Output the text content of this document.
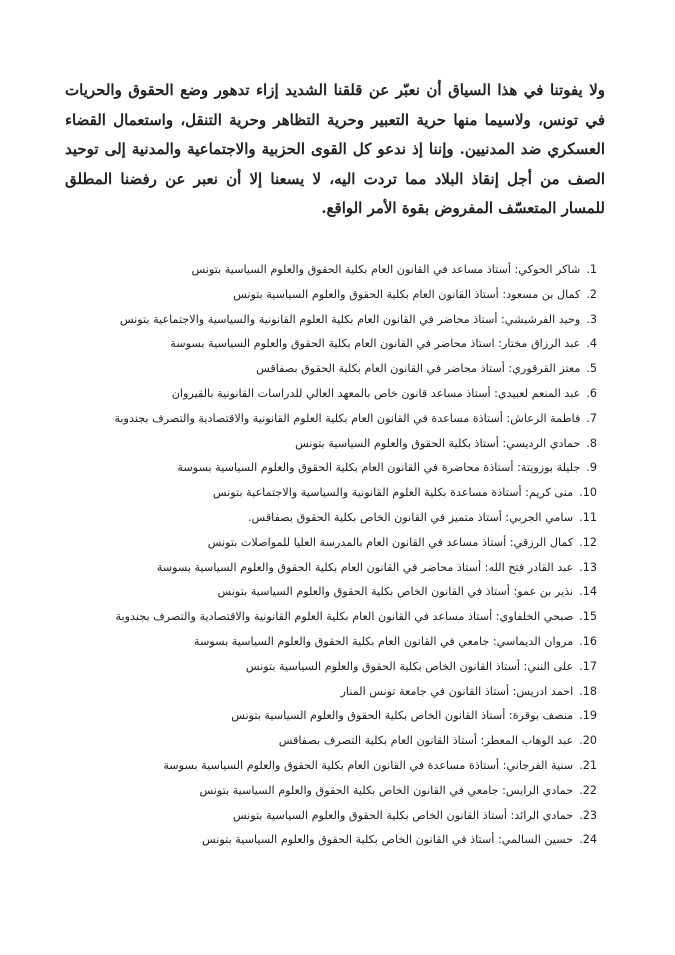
ولا يفوتنا في هذا السياق أن نعبّر عن قلقنا الشديد إزاء تدهور وضع الحقوق والحريات في تونس، ولاسيما منها حرية التعبير وحرية التظاهر وحرية التنقل، واستعمال القضاء العسكري ضد المدنيين. وإننا إذ ندعو كل القوى الحزبية والاجتماعية والمدنية إلى توحيد الصف من أجل إنقاذ البلاد مما تردت اليه، لا يسعنا إلا أن نعبر عن رفضنا المطلق للمسار المتعسّف المفروض بقوة الأمر الواقع.

1.شاكر الحوكي: أستاذ مساعد في القانون العام بكلية الحقوق والعلوم السياسية بتونس
2.كمال بن مسعود: أستاذ القانون العام بكلية الحقوق والعلوم السياسية بتونس
3.وحيد الفرشيشي: أستاذ محاضر في القانون العام بكلية العلوم القانونية والسياسية والاجتماعية بتونس
4.عبد الرزاق مختار: استاذ محاضر في القانون العام بكلية الحقوق والعلوم السياسية بسوسة
5.معتز القرقوري: أستاذ محاضر في القانون العام بكلية الحقوق بصفاقس
6.عبد المنعم لعبيدي: أستاذ مساعد قانون خاص بالمعهد العالي للدراسات القانونية بالقيروان
7.فاطمة الرعاش: أستاذة مساعدة في القانون العام بكلية العلوم القانونية والاقتصادية والتصرف بجندوبة
8.حمادي الرديسي: أستاذ بكلية الحقوق والعلوم السياسية بتونس
9.جليلة بوزويتة: أستاذة محاضرة في القانون العام بكلية الحقوق والعلوم السياسية بسوسة
10.منى كريم: أستاذة مساعدة بكلية العلوم القانونية والسياسية والاجتماعية بتونس
11.سامي الجربي: أستاذ متميز في القانون الخاص بكلية الحقوق بصفاقس.
12.كمال الرزقي: أستاذ مساعد في القانون العام بالمدرسة العليا للمواصلات بتونس
13.عبد القادر فتح الله: أستاذ محاضر في القانون العام بكلية الحقوق والعلوم السياسية بسوسة
14.نذير بن عمو: أستاذ في القانون الخاص بكلية الحقوق والعلوم السياسية بتونس
15.صبحي الخلفاوي: أستاذ مساعد في القانون العام بكلية العلوم القانونية والاقتصادية والتصرف بجندوبة
16.مروان الديماسي: جامعي في القانون العام بكلية الحقوق والعلوم السياسية بسوسة
17.على النني: أستاذ القانون الخاص بكلية الحقوق والعلوم السياسية بتونس
18.احمد ادريس: أستاذ القانون في جامعة تونس المنار
19.منصف بوقرة: أستاذ القانون الخاص بكلية الحقوق والعلوم السياسية بتونس
20.عبد الوهاب المعطر: أستاذ القانون العام بكلية التصرف بصفاقس
21.سنية الفرجاني: أستاذة مساعدة في القانون العام بكلية الحقوق والعلوم السياسية بسوسة
22.حمادي الرايس: جامعي في القانون الخاص بكلية الحقوق والعلوم السياسية بتونس
23.حمادي الرائد: أستاذ القانون الخاص بكلية الحقوق والعلوم السياسية بتونس
24.حسين السالمي: أستاذ في القانون الخاص بكلية الحقوق والعلوم السياسية بتونس
